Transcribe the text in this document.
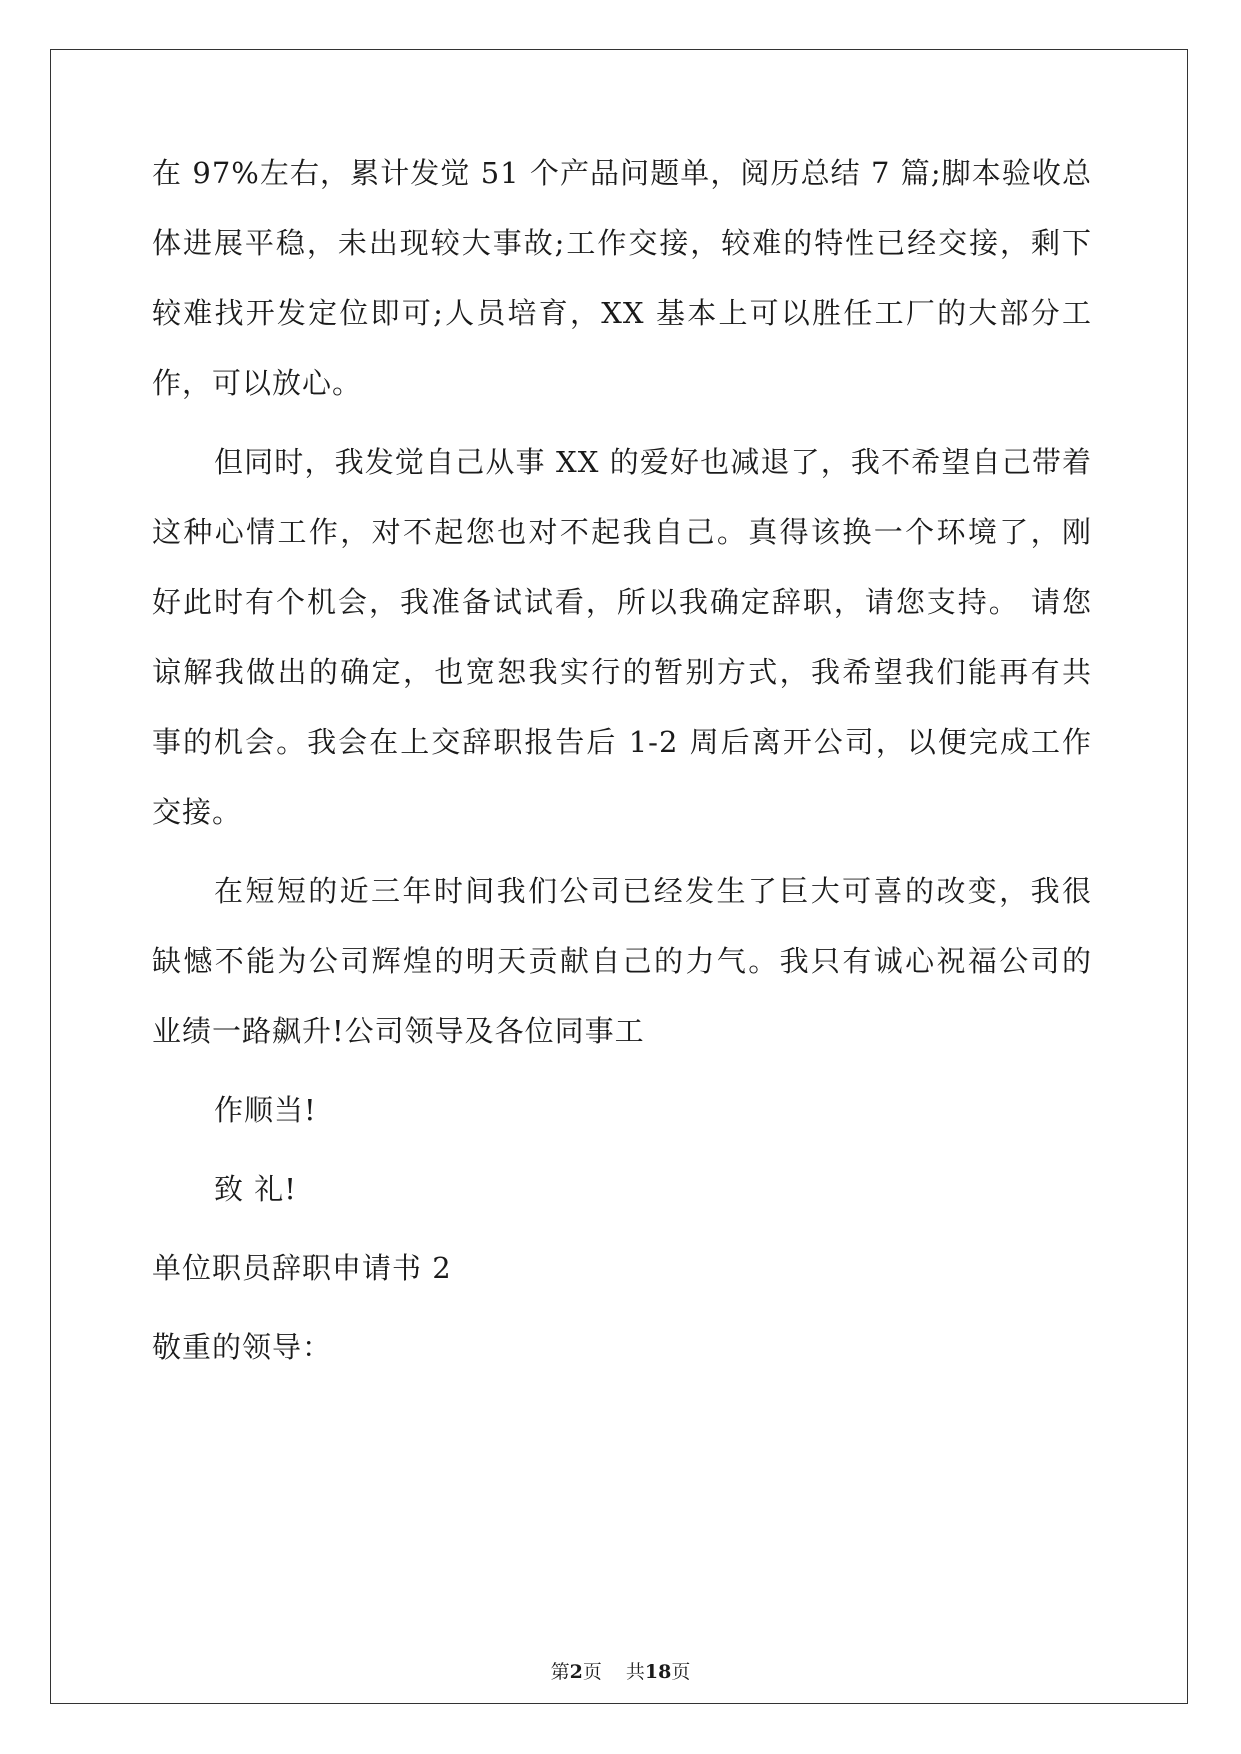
在 97%左右，累计发觉 51 个产品问题单，阅历总结 7 篇;脚本验收总
体进展平稳，未出现较大事故;工作交接，较难的特性已经交接，剩下
较难找开发定位即可;人员培育，XX 基本上可以胜任工厂的大部分工
作，可以放心。
但同时，我发觉自己从事 XX 的爱好也减退了，我不希望自己带着
这种心情工作，对不起您也对不起我自己。真得该换一个环境了，刚
好此时有个机会，我准备试试看，所以我确定辞职，请您支持。 请您
谅解我做出的确定，也宽恕我实行的暂别方式，我希望我们能再有共
事的机会。我会在上交辞职报告后 1-2 周后离开公司，以便完成工作
交接。
在短短的近三年时间我们公司已经发生了巨大可喜的改变，我很
缺憾不能为公司辉煌的明天贡献自己的力气。我只有诚心祝福公司的
业绩一路飙升!公司领导及各位同事工
作顺当!
致 礼!
单位职员辞职申请书 2
敬重的领导：
第2页 共18页
